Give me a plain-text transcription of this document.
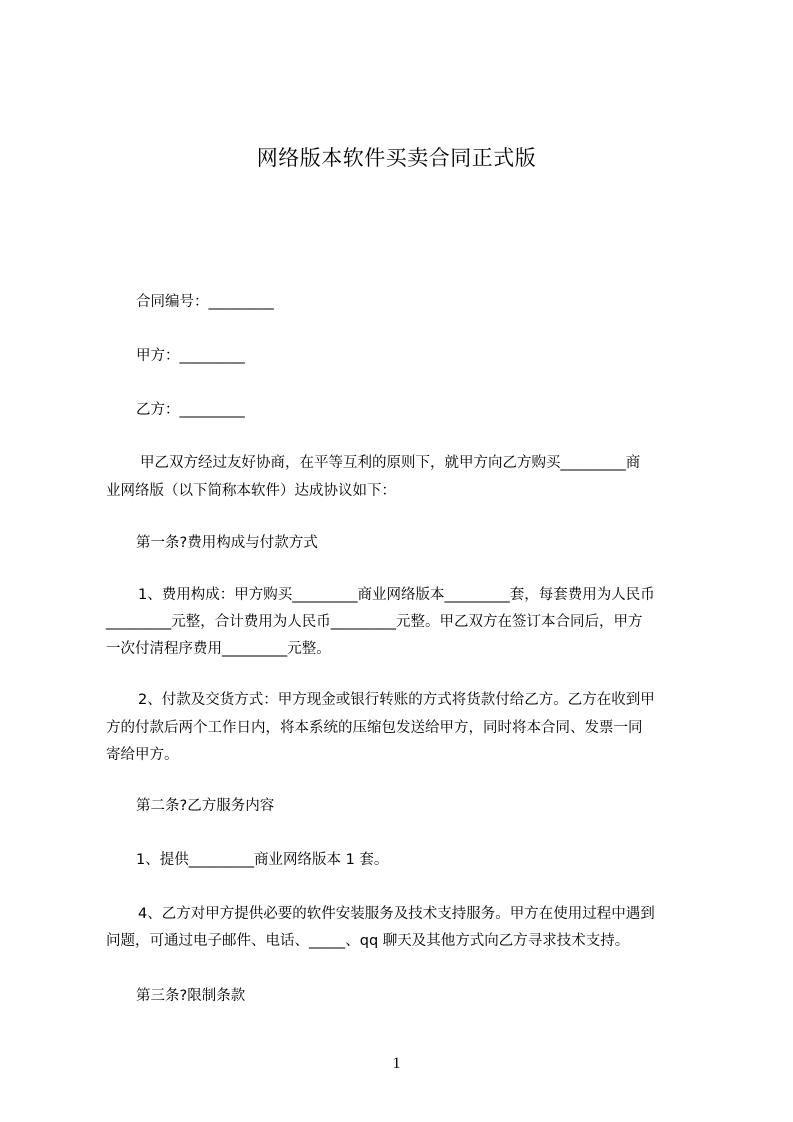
网络版本软件买卖合同正式版
合同编号：_________
甲方：_________
乙方：_________
甲乙双方经过友好协商，在平等互利的原则下，就甲方向乙方购买_________商
业网络版（以下简称本软件）达成协议如下：
第一条?费用构成与付款方式
1、费用构成：甲方购买_________商业网络版本_________套，每套费用为人民币
_________元整，合计费用为人民币_________元整。甲乙双方在签订本合同后，甲方
一次付清程序费用_________元整。
2、付款及交货方式：甲方现金或银行转账的方式将货款付给乙方。乙方在收到甲
方的付款后两个工作日内，将本系统的压缩包发送给甲方，同时将本合同、发票一同
寄给甲方。
第二条?乙方服务内容
1、提供_________商业网络版本 1 套。
4、乙方对甲方提供必要的软件安装服务及技术支持服务。甲方在使用过程中遇到
问题，可通过电子邮件、电话、_____、qq 聊天及其他方式向乙方寻求技术支持。
第三条?限制条款
1
